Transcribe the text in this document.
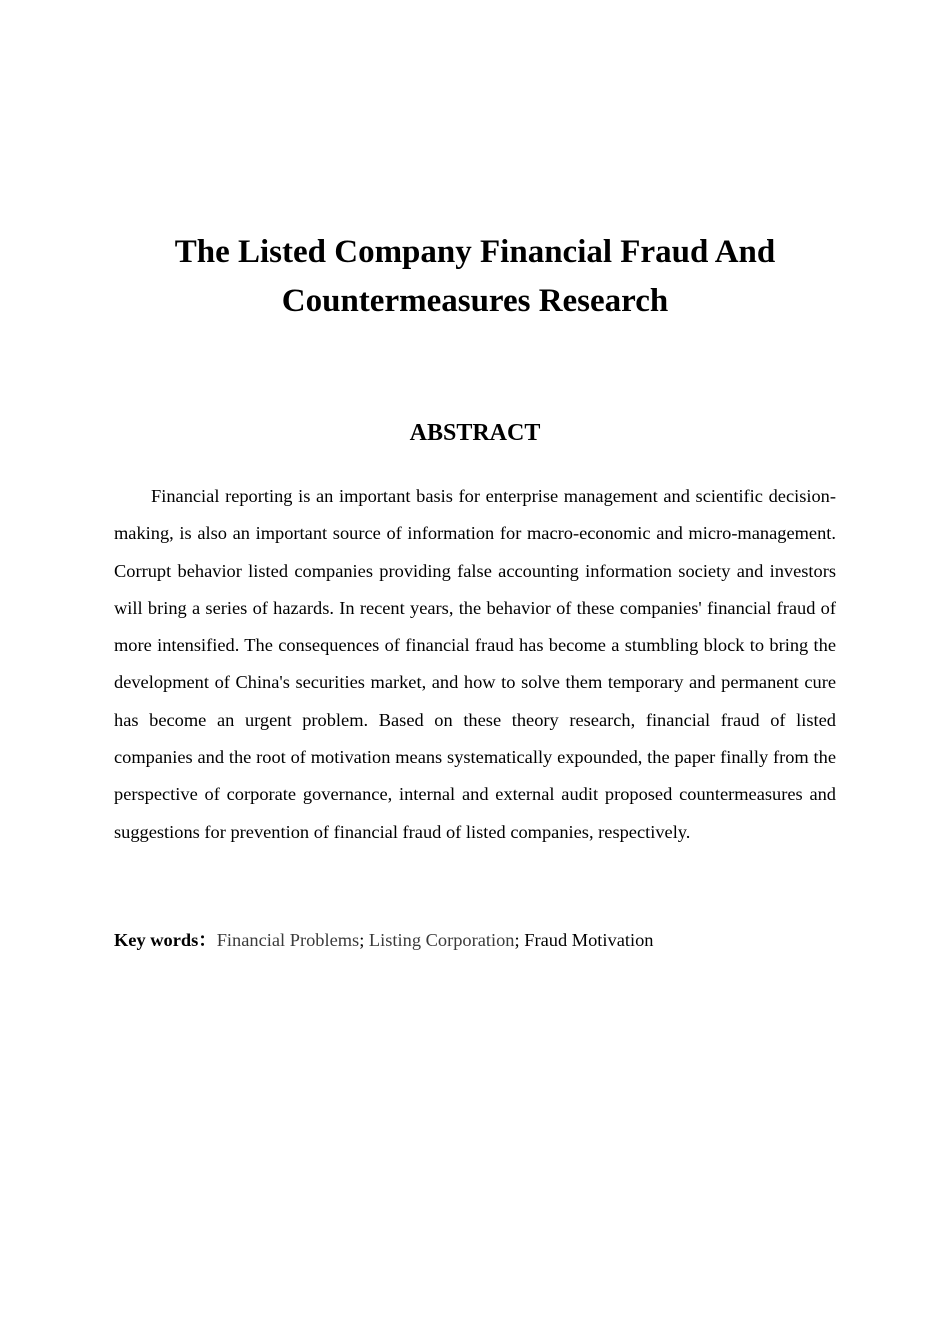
The Listed Company Financial Fraud And
Countermeasures Research
ABSTRACT

Financial reporting is an important basis for enterprise management and scientific decision-making, is also an important source of information for macro-economic and micro-management. Corrupt behavior listed companies providing false accounting information society and investors will bring a series of hazards. In recent years, the behavior of these companies' financial fraud of more intensified. The consequences of financial fraud has become a stumbling block to bring the development of China's securities market, and how to solve them temporary and permanent cure has become an urgent problem. Based on these theory research, financial fraud of listed companies and the root of motivation means systematically expounded, the paper finally from the perspective of corporate governance, internal and external audit proposed countermeasures and suggestions for prevention of financial fraud of listed companies, respectively.

Key words：Financial Problems; Listing Corporation; Fraud Motivation
